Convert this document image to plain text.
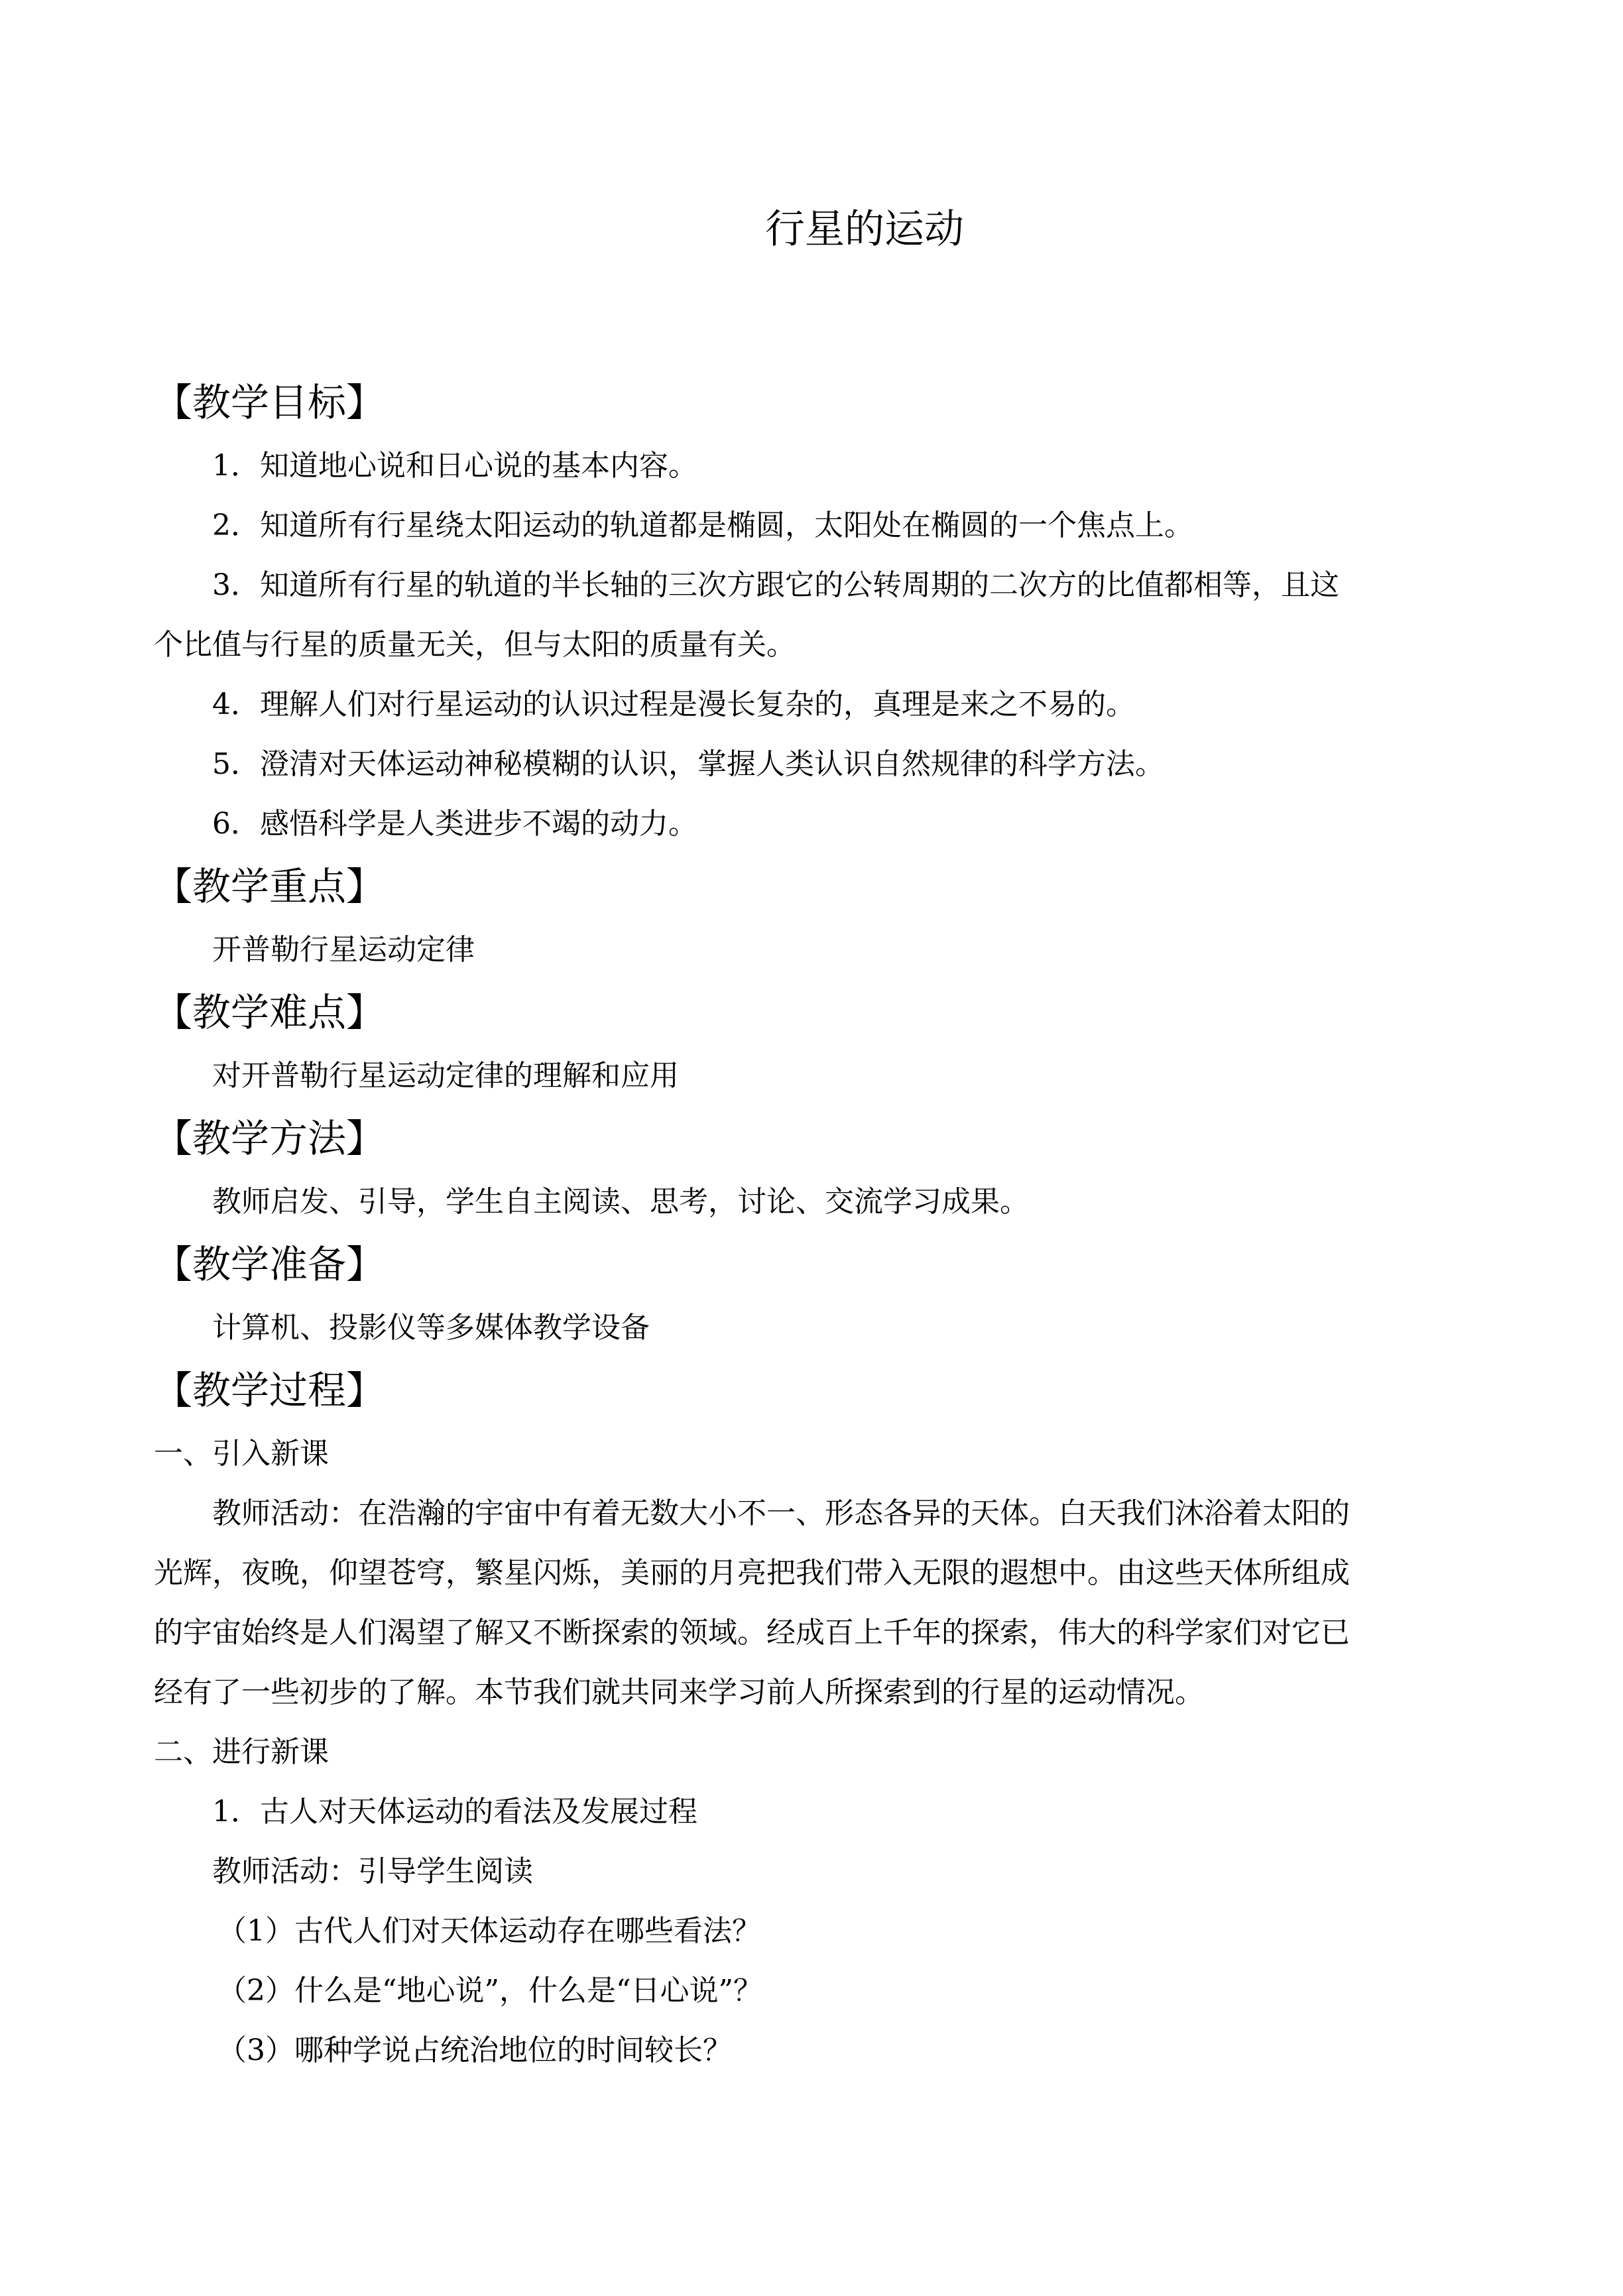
行星的运动
【教学目标】
1．知道地心说和日心说的基本内容。
2．知道所有行星绕太阳运动的轨道都是椭圆，太阳处在椭圆的一个焦点上。
3．知道所有行星的轨道的半长轴的三次方跟它的公转周期的二次方的比值都相等，且这
个比值与行星的质量无关，但与太阳的质量有关。
4．理解人们对行星运动的认识过程是漫长复杂的，真理是来之不易的。
5．澄清对天体运动神秘模糊的认识，掌握人类认识自然规律的科学方法。
6．感悟科学是人类进步不竭的动力。
【教学重点】
开普勒行星运动定律
【教学难点】
对开普勒行星运动定律的理解和应用
【教学方法】
教师启发、引导，学生自主阅读、思考，讨论、交流学习成果。
【教学准备】
计算机、投影仪等多媒体教学设备
【教学过程】
一、引入新课
教师活动：在浩瀚的宇宙中有着无数大小不一、形态各异的天体。白天我们沐浴着太阳的
光辉，夜晚，仰望苍穹，繁星闪烁，美丽的月亮把我们带入无限的遐想中。由这些天体所组成
的宇宙始终是人们渴望了解又不断探索的领域。经成百上千年的探索，伟大的科学家们对它已
经有了一些初步的了解。本节我们就共同来学习前人所探索到的行星的运动情况。
二、进行新课
1．古人对天体运动的看法及发展过程
教师活动：引导学生阅读
（1）古代人们对天体运动存在哪些看法？
（2）什么是“地心说”，什么是“日心说”？
（3）哪种学说占统治地位的时间较长？
